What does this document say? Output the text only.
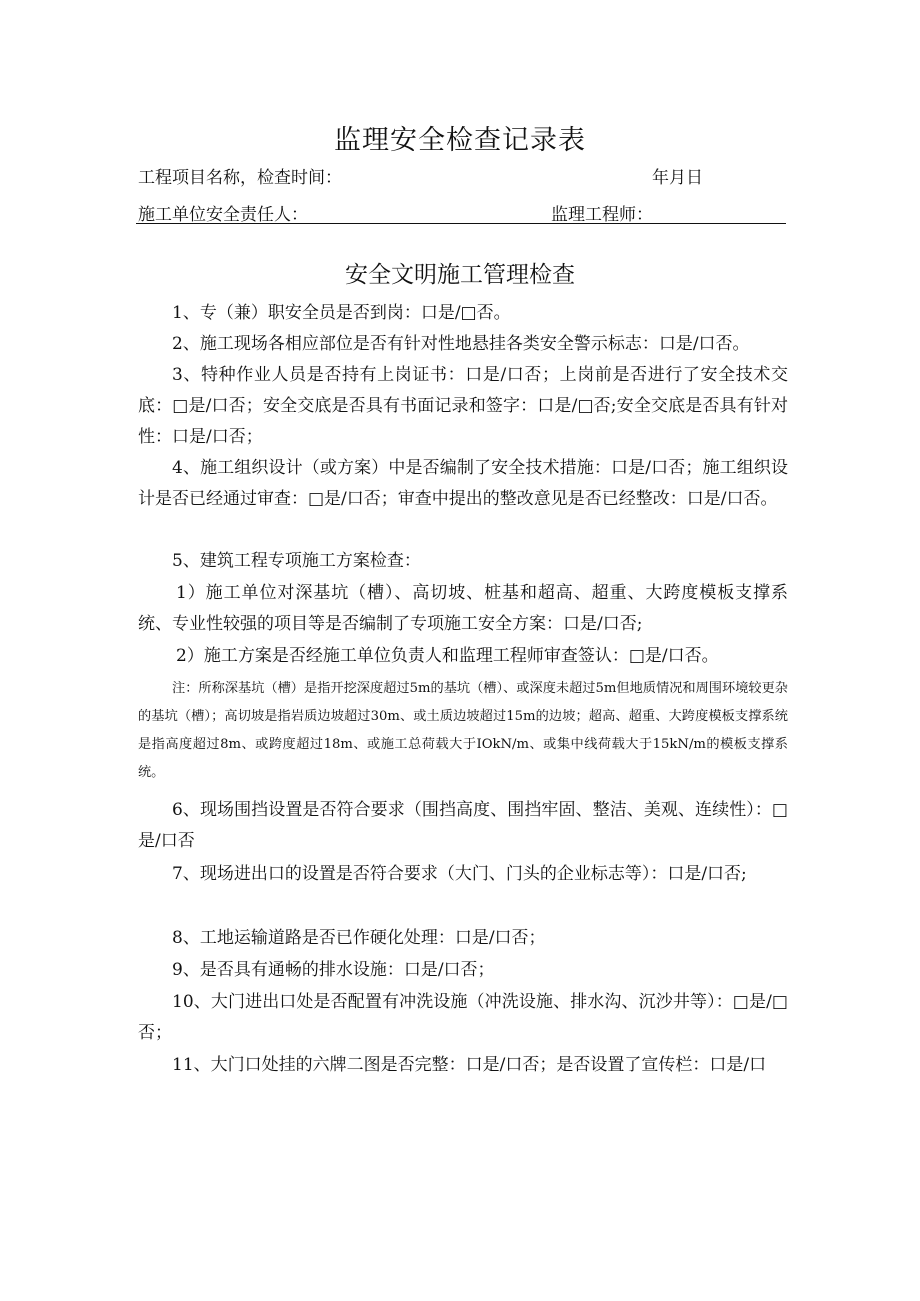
监理安全检查记录表
工程项目名称，检查时间：	年月日
施工单位安全责任人：	监理工程师：
安全文明施工管理检查

1、专（兼）职安全员是否到岗：口是/□否。

2、施工现场各相应部位是否有针对性地悬挂各类安全警示标志：口是/口否。

3、特种作业人员是否持有上岗证书：口是/口否；上岗前是否进行了安全技术交底：□是/口否；安全交底是否具有书面记录和签字：口是/□否;安全交底是否具有针对性：口是/口否；

4、施工组织设计（或方案）中是否编制了安全技术措施：口是/口否；施工组织设计是否已经通过审查：□是/口否；审查中提出的整改意见是否已经整改：口是/口否。

5、建筑工程专项施工方案检查：

1）施工单位对深基坑（槽）、高切坡、桩基和超高、超重、大跨度模板支撑系统、专业性较强的项目等是否编制了专项施工安全方案：口是/口否;

2）施工方案是否经施工单位负责人和监理工程师审查签认：□是/口否。

注：所称深基坑（槽）是指开挖深度超过5m的基坑（槽）、或深度未超过5m但地质情况和周围环境较更杂的基坑（槽）；高切坡是指岩质边坡超过30m、或土质边坡超过15m的边坡；超高、超重、大跨度模板支撑系统是指高度超过8m、或跨度超过18m、或施工总荷载大于IOkN/m、或集中线荷载大于15kN/m的模板支撑系统。

6、现场围挡设置是否符合要求（围挡高度、围挡牢固、整洁、美观、连续性）：□是/口否

7、现场进出口的设置是否符合要求（大门、门头的企业标志等）：口是/口否;

8、工地运输道路是否已作硬化处理：口是/口否；

9、是否具有通畅的排水设施：口是/口否；

10、大门进出口处是否配置有冲洗设施（冲洗设施、排水沟、沉沙井等）：□是/□否；

11、大门口处挂的六牌二图是否完整：口是/口否；是否设置了宣传栏：口是/口
